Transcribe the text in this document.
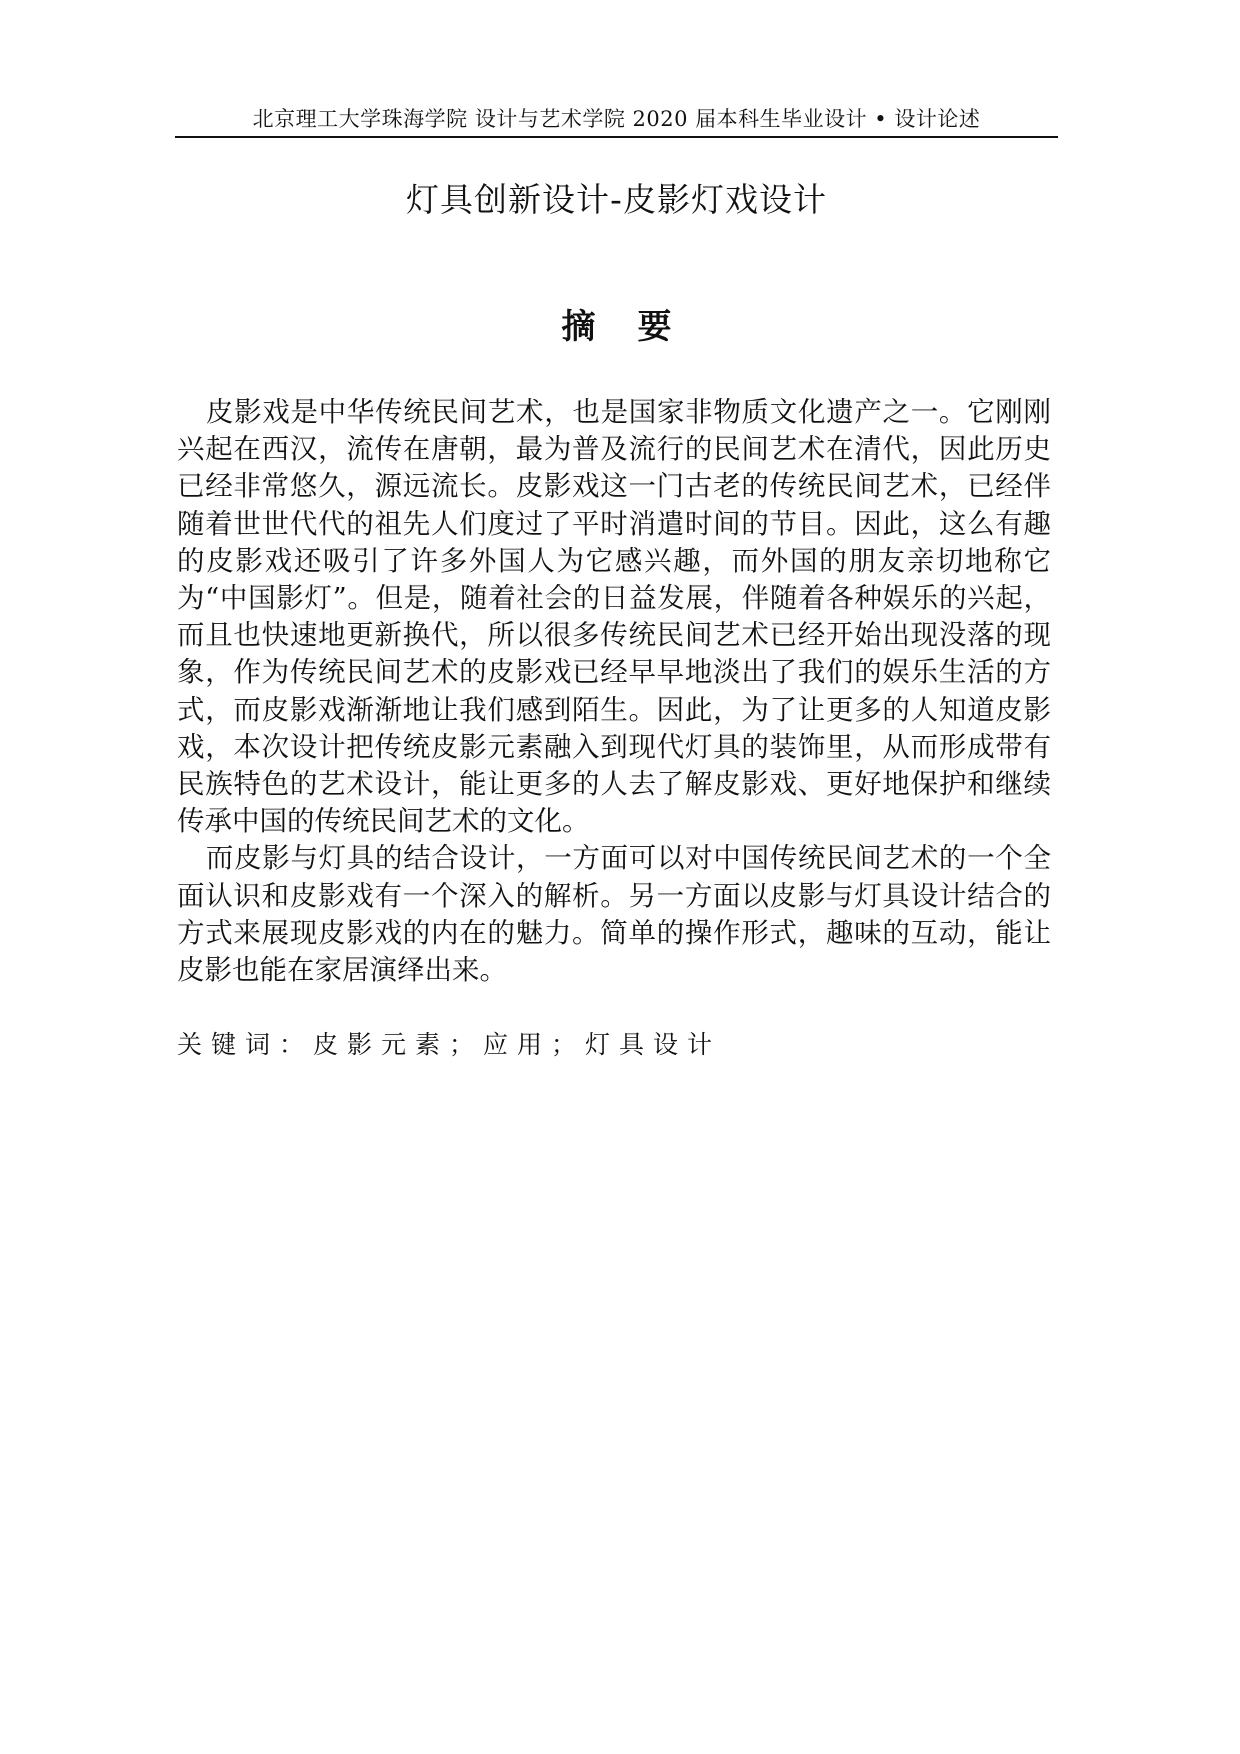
北京理工大学珠海学院 设计与艺术学院 2020 届本科生毕业设计 • 设计论述
灯具创新设计-皮影灯戏设计
摘 要

皮影戏是中华传统民间艺术，也是国家非物质文化遗产之一。它刚刚兴起在西汉，流传在唐朝，最为普及流行的民间艺术在清代，因此历史已经非常悠久，源远流长。皮影戏这一门古老的传统民间艺术，已经伴随着世世代代的祖先人们度过了平时消遣时间的节目。因此，这么有趣的皮影戏还吸引了许多外国人为它感兴趣，而外国的朋友亲切地称它为“中国影灯”。但是，随着社会的日益发展，伴随着各种娱乐的兴起，而且也快速地更新换代，所以很多传统民间艺术已经开始出现没落的现象，作为传统民间艺术的皮影戏已经早早地淡出了我们的娱乐生活的方式，而皮影戏渐渐地让我们感到陌生。因此，为了让更多的人知道皮影戏，本次设计把传统皮影元素融入到现代灯具的装饰里，从而形成带有民族特色的艺术设计，能让更多的人去了解皮影戏、更好地保护和继续传承中国的传统民间艺术的文化。

而皮影与灯具的结合设计，一方面可以对中国传统民间艺术的一个全面认识和皮影戏有一个深入的解析。另一方面以皮影与灯具设计结合的方式来展现皮影戏的内在的魅力。简单的操作形式，趣味的互动，能让皮影也能在家居演绎出来。

关键词：皮影元素；应用；灯具设计
